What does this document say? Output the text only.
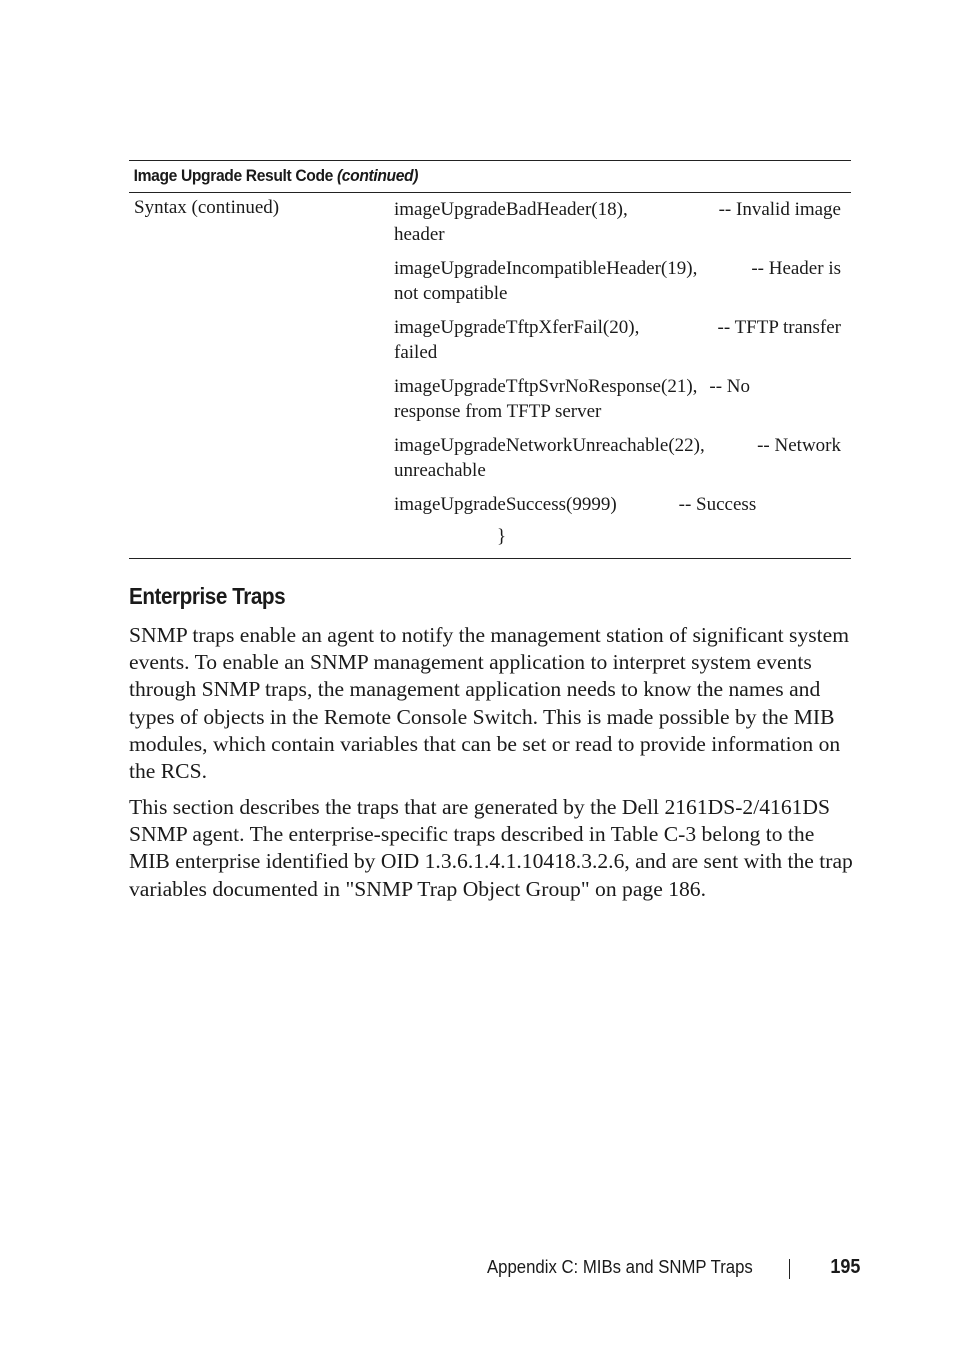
Image Upgrade Result Code (continued)
Syntax (continued)	imageUpgradeBadHeader(18),	-- Invalid image
header
imageUpgradeIncompatibleHeader(19),	-- Header is
not compatible
imageUpgradeTftpXferFail(20),	-- TFTP transfer
failed
imageUpgradeTftpSvrNoResponse(21), -- No
response from TFTP server
imageUpgradeNetworkUnreachable(22),	-- Network
unreachable
imageUpgradeSuccess(9999)	-- Success
}
Enterprise Traps

SNMP traps enable an agent to notify the management station of significant system events. To enable an SNMP management application to interpret system events through SNMP traps, the management application needs to know the names and types of objects in the Remote Console Switch. This is made possible by the MIB modules, which contain variables that can be set or read to provide information on the RCS.

This section describes the traps that are generated by the Dell 2161DS-2/4161DS SNMP agent. The enterprise-specific traps described in Table C-3 belong to the MIB enterprise identified by OID 1.3.6.1.4.1.10418.3.2.6, and are sent with the trap variables documented in "SNMP Trap Object Group" on page 186.

Appendix C: MIBs and SNMP Traps	195
